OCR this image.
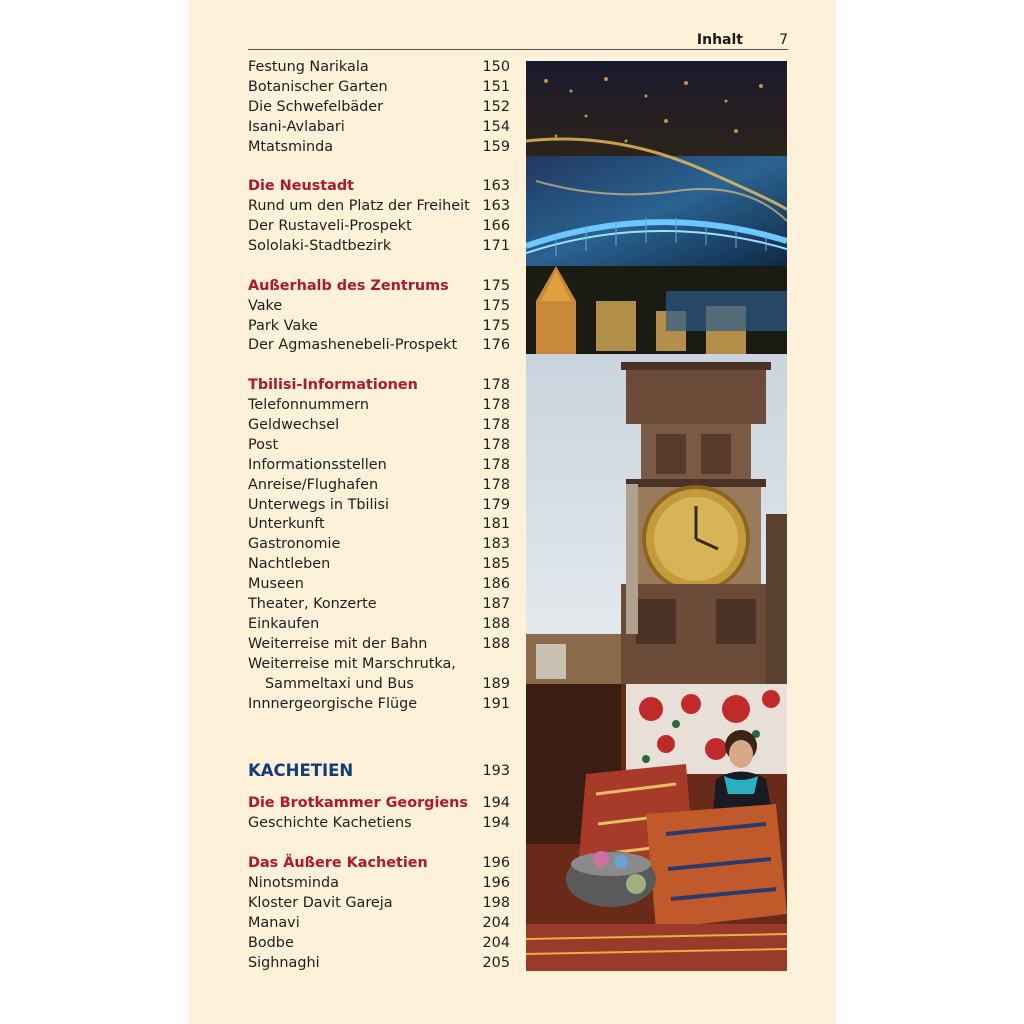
Inhalt	7
Festung Narikala	150
Botanischer Garten	151
Die Schwefelbäder	152
Isani-Avlabari	154
Mtatsminda	159
Die Neustadt	163
Rund um den Platz der Freiheit 163
Der Rustaveli-Prospekt	166
Sololaki-Stadtbezirk	171
Außerhalb des Zentrums 175
Vake	175
Park Vake	175
Der Agmashenebeli-Prospekt 176
Tbilisi-Informationen	178
Telefonnummern	178
Geldwechsel	178
Post	178
Informationsstellen	178
Anreise/Flughafen	178
Unterwegs in Tbilisi	179
Unterkunft	181
Gastronomie	183
Nachtleben	185
Museen	186
Theater, Konzerte	187
Einkaufen	188
Weiterreise mit der Bahn	188
Weiterreise mit Marschrutka,
Sammeltaxi und Bus	189
Innnergeorgische Flüge	191
KACHETIEN	193
Die Brotkammer Georgiens 194
Geschichte Kachetiens	194
Das Äußere Kachetien	196
Ninotsminda	196
Kloster Davit Gareja	198
Manavi	204
Bodbe	204
Sighnaghi	205
